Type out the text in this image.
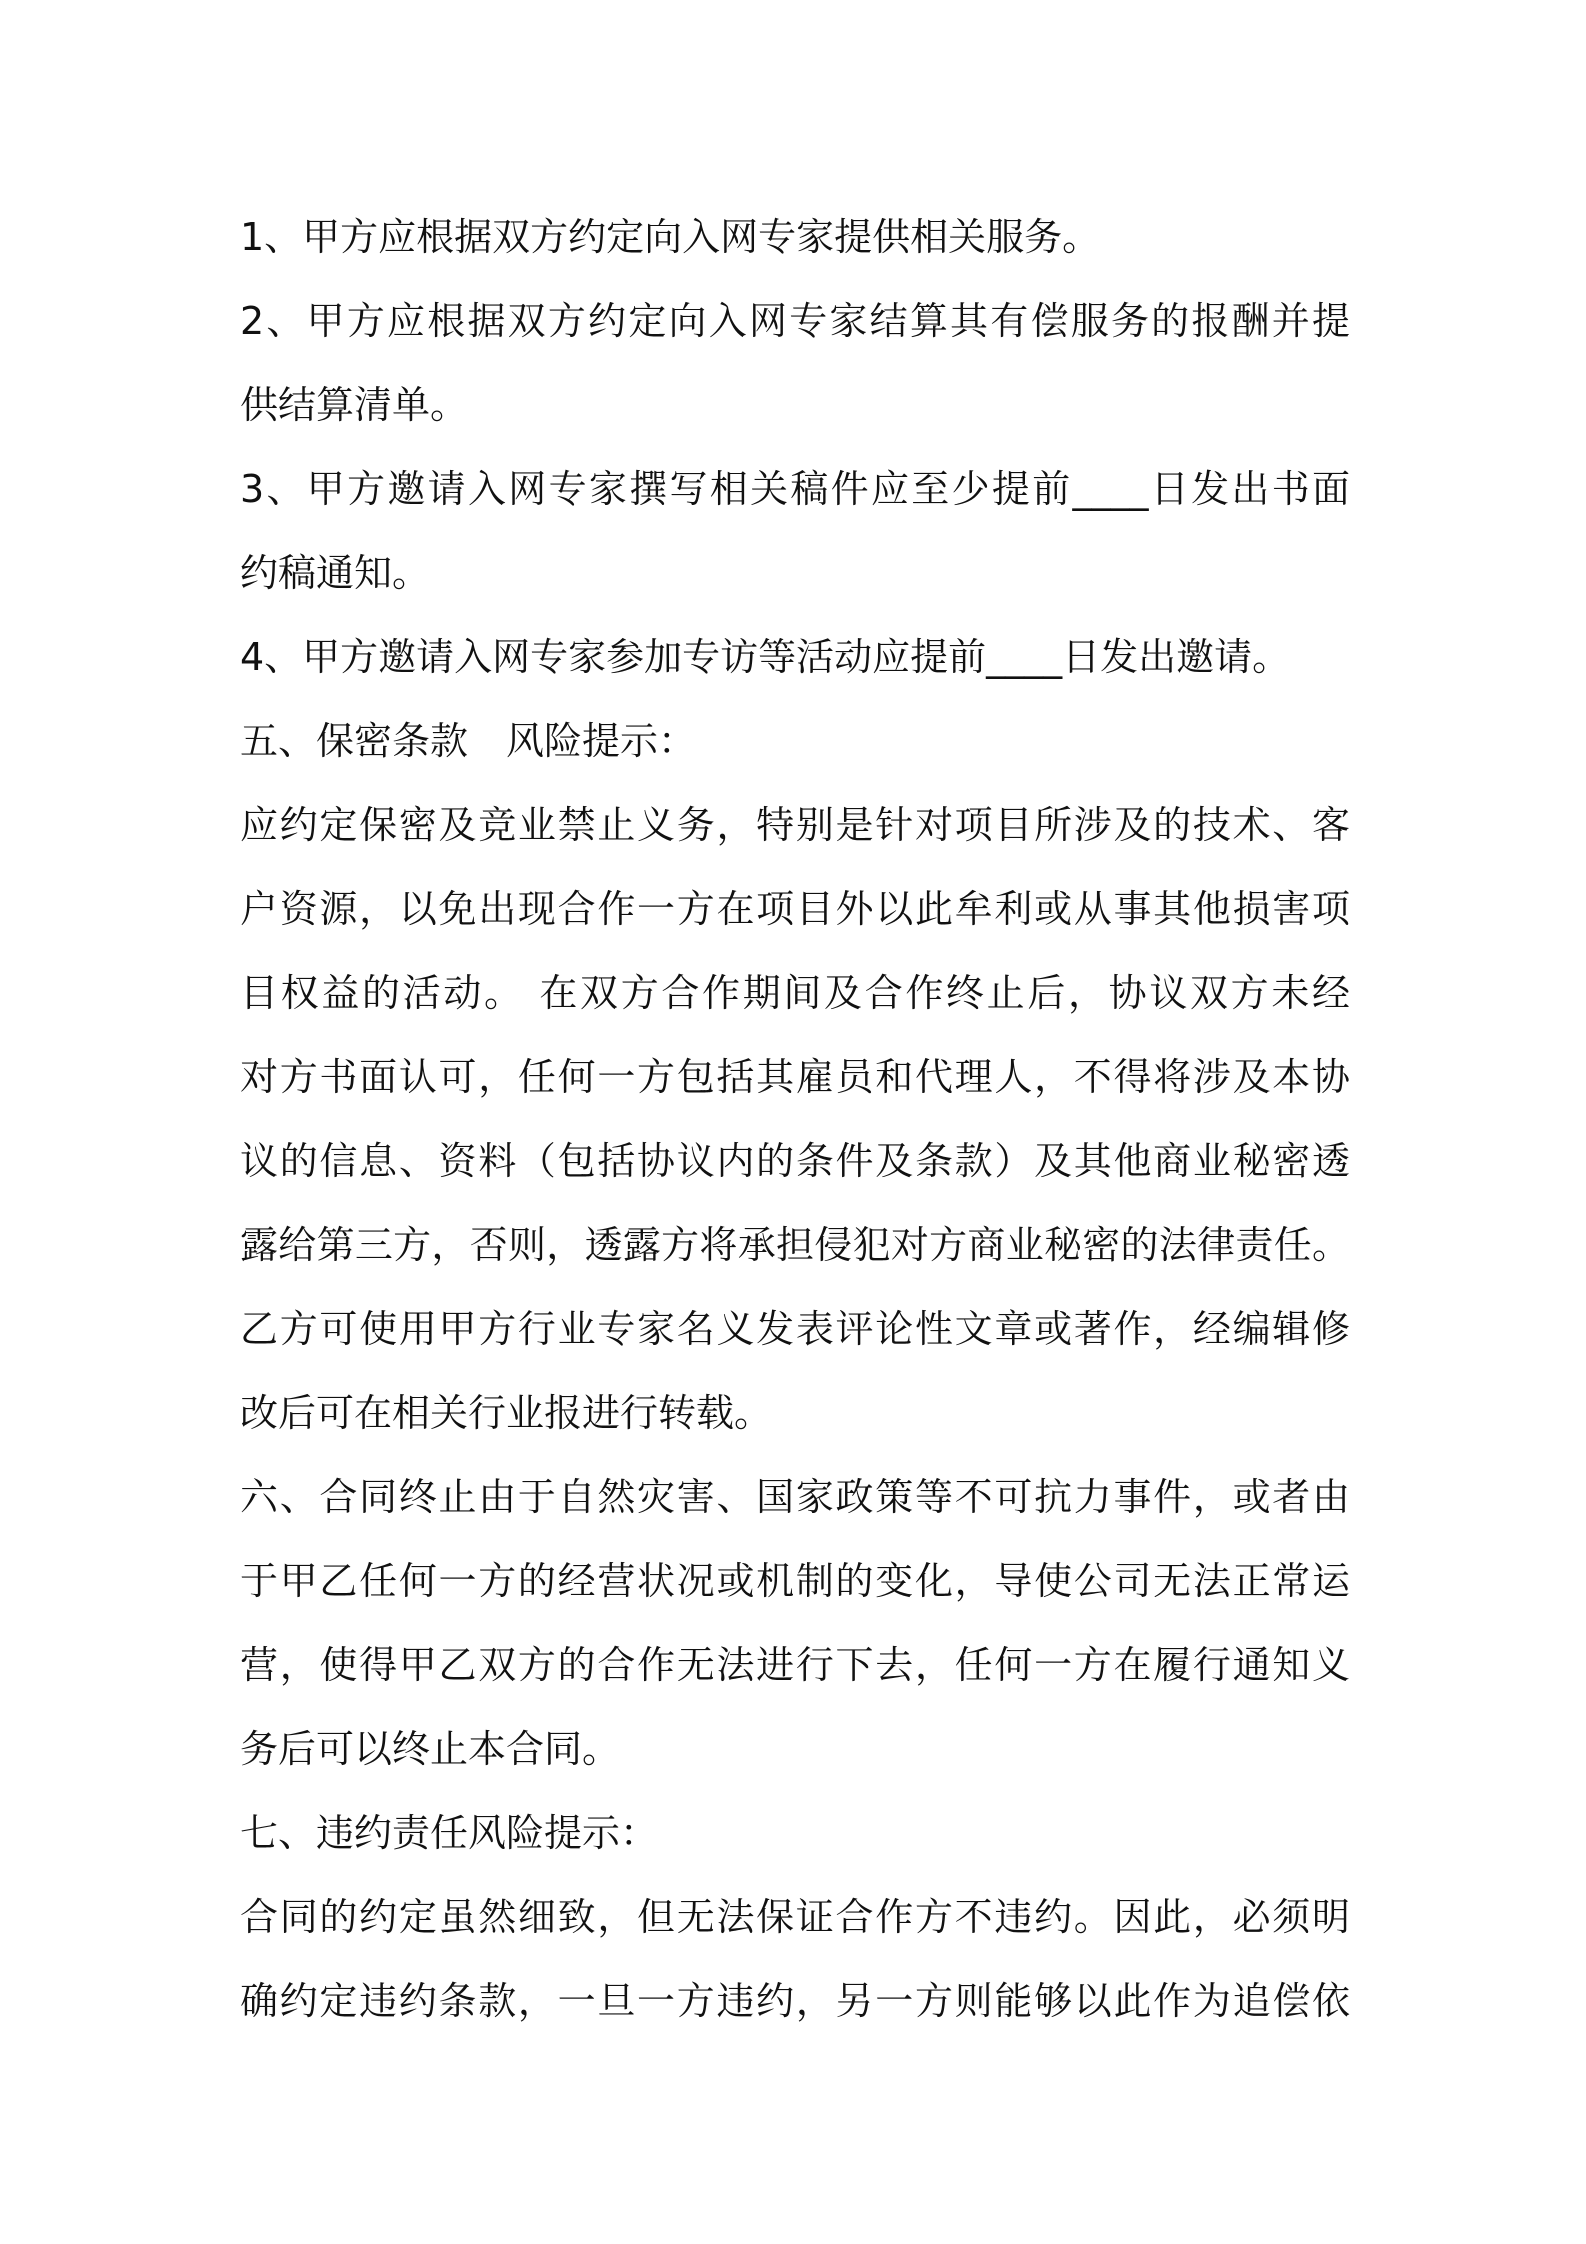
1、甲方应根据双方约定向入网专家提供相关服务。
2、甲方应根据双方约定向入网专家结算其有偿服务的报酬并提
供结算清单。
3、甲方邀请入网专家撰写相关稿件应至少提前____日发出书面
约稿通知。
4、甲方邀请入网专家参加专访等活动应提前____日发出邀请。
五、保密条款　风险提示：
应约定保密及竞业禁止义务，特别是针对项目所涉及的技术、客
户资源，以免出现合作一方在项目外以此牟利或从事其他损害项
目权益的活动。 在双方合作期间及合作终止后，协议双方未经
对方书面认可，任何一方包括其雇员和代理人，不得将涉及本协
议的信息、资料（包括协议内的条件及条款）及其他商业秘密透
露给第三方，否则，透露方将承担侵犯对方商业秘密的法律责任。
乙方可使用甲方行业专家名义发表评论性文章或著作，经编辑修
改后可在相关行业报进行转载。
六、合同终止由于自然灾害、国家政策等不可抗力事件，或者由
于甲乙任何一方的经营状况或机制的变化，导使公司无法正常运
营，使得甲乙双方的合作无法进行下去，任何一方在履行通知义
务后可以终止本合同。
七、违约责任风险提示：
合同的约定虽然细致，但无法保证合作方不违约。因此，必须明
确约定违约条款，一旦一方违约，另一方则能够以此作为追偿依
